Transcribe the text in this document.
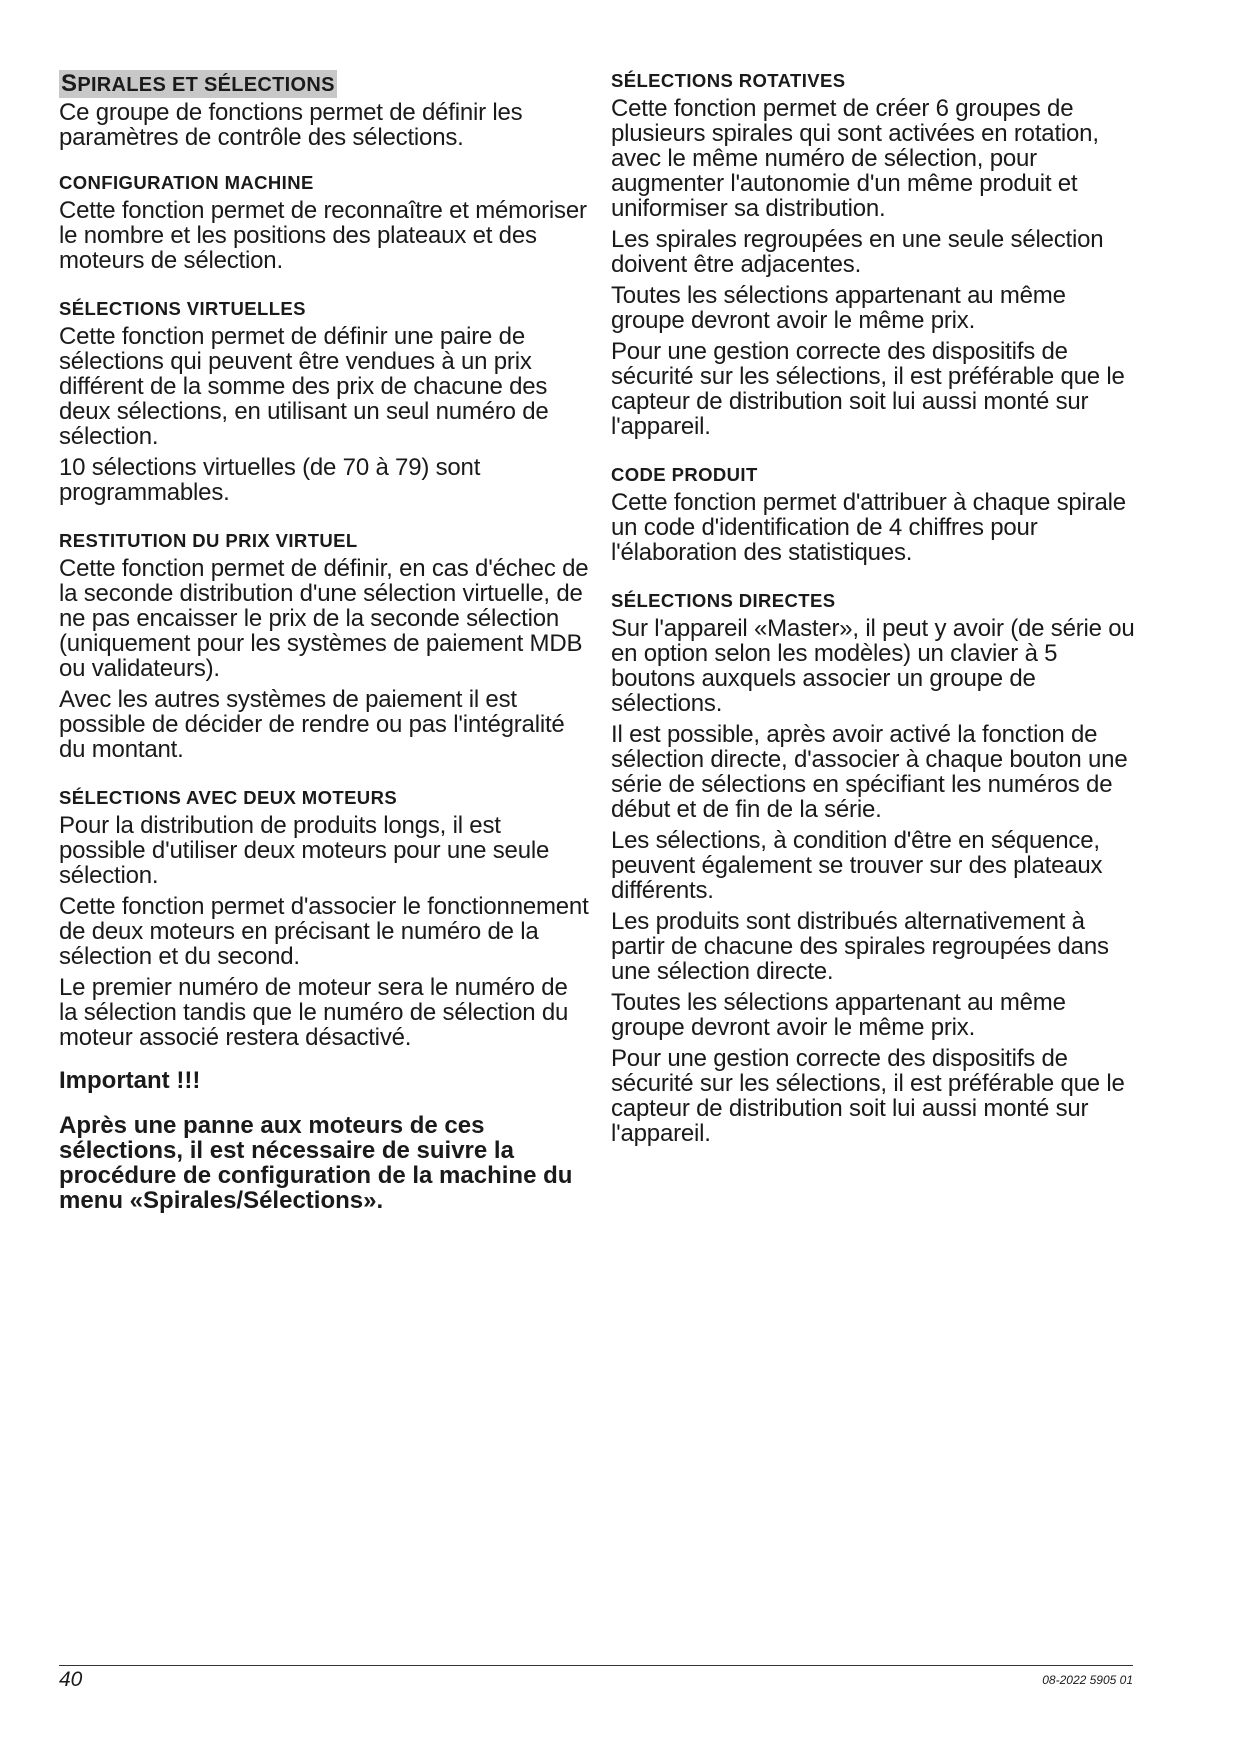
SPIRALES ET SÉLECTIONS

Ce groupe de fonctions permet de définir les paramètres de contrôle des sélections.

CONFIGURATION MACHINE

Cette fonction permet de reconnaître et mémoriser le nombre et les positions des plateaux et des moteurs de sélection.

SÉLECTIONS VIRTUELLES

Cette fonction permet de définir une paire de sélections qui peuvent être vendues à un prix différent de la somme des prix de chacune des deux sélections, en utilisant un seul numéro de sélection.

10 sélections virtuelles (de 70 à 79) sont programmables.

RESTITUTION DU PRIX VIRTUEL

Cette fonction permet de définir, en cas d'échec de la seconde distribution d'une sélection virtuelle, de ne pas encaisser le prix de la seconde sélection (uniquement pour les systèmes de paiement MDB ou validateurs).

Avec les autres systèmes de paiement il est possible de décider de rendre ou pas l'intégralité du montant.

SÉLECTIONS AVEC DEUX MOTEURS

Pour la distribution de produits longs, il est possible d'utiliser deux moteurs pour une seule sélection.

Cette fonction permet d'associer le fonctionnement de deux moteurs en précisant le numéro de la sélection et du second.

Le premier numéro de moteur sera le numéro de la sélection tandis que le numéro de sélection du moteur associé restera désactivé.

Important !!!

Après une panne aux moteurs de ces sélections, il est nécessaire de suivre la procédure de configuration de la machine du menu «Spirales/Sélections».

SÉLECTIONS ROTATIVES

Cette fonction permet de créer 6 groupes de plusieurs spirales qui sont activées en rotation, avec le même numéro de sélection, pour augmenter l'autonomie d'un même produit et uniformiser sa distribution.

Les spirales regroupées en une seule sélection doivent être adjacentes.

Toutes les sélections appartenant au même groupe devront avoir le même prix.

Pour une gestion correcte des dispositifs de sécurité sur les sélections, il est préférable que le capteur de distribution soit lui aussi monté sur l'appareil.

CODE PRODUIT

Cette fonction permet d'attribuer à chaque spirale un code d'identification de 4 chiffres pour l'élaboration des statistiques.

SÉLECTIONS DIRECTES

Sur l'appareil «Master», il peut y avoir (de série ou en option selon les modèles) un clavier à 5 boutons auxquels associer un groupe de sélections.

Il est possible, après avoir activé la fonction de sélection directe, d'associer à chaque bouton une série de sélections en spécifiant les numéros de début et de fin de la série.

Les sélections, à condition d'être en séquence, peuvent également se trouver sur des plateaux différents.

Les produits sont distribués alternativement à partir de chacune des spirales regroupées dans une sélection directe.

Toutes les sélections appartenant au même groupe devront avoir le même prix.

Pour une gestion correcte des dispositifs de sécurité sur les sélections, il est préférable que le capteur de distribution soit lui aussi monté sur l'appareil.

40	08-2022 5905 01
